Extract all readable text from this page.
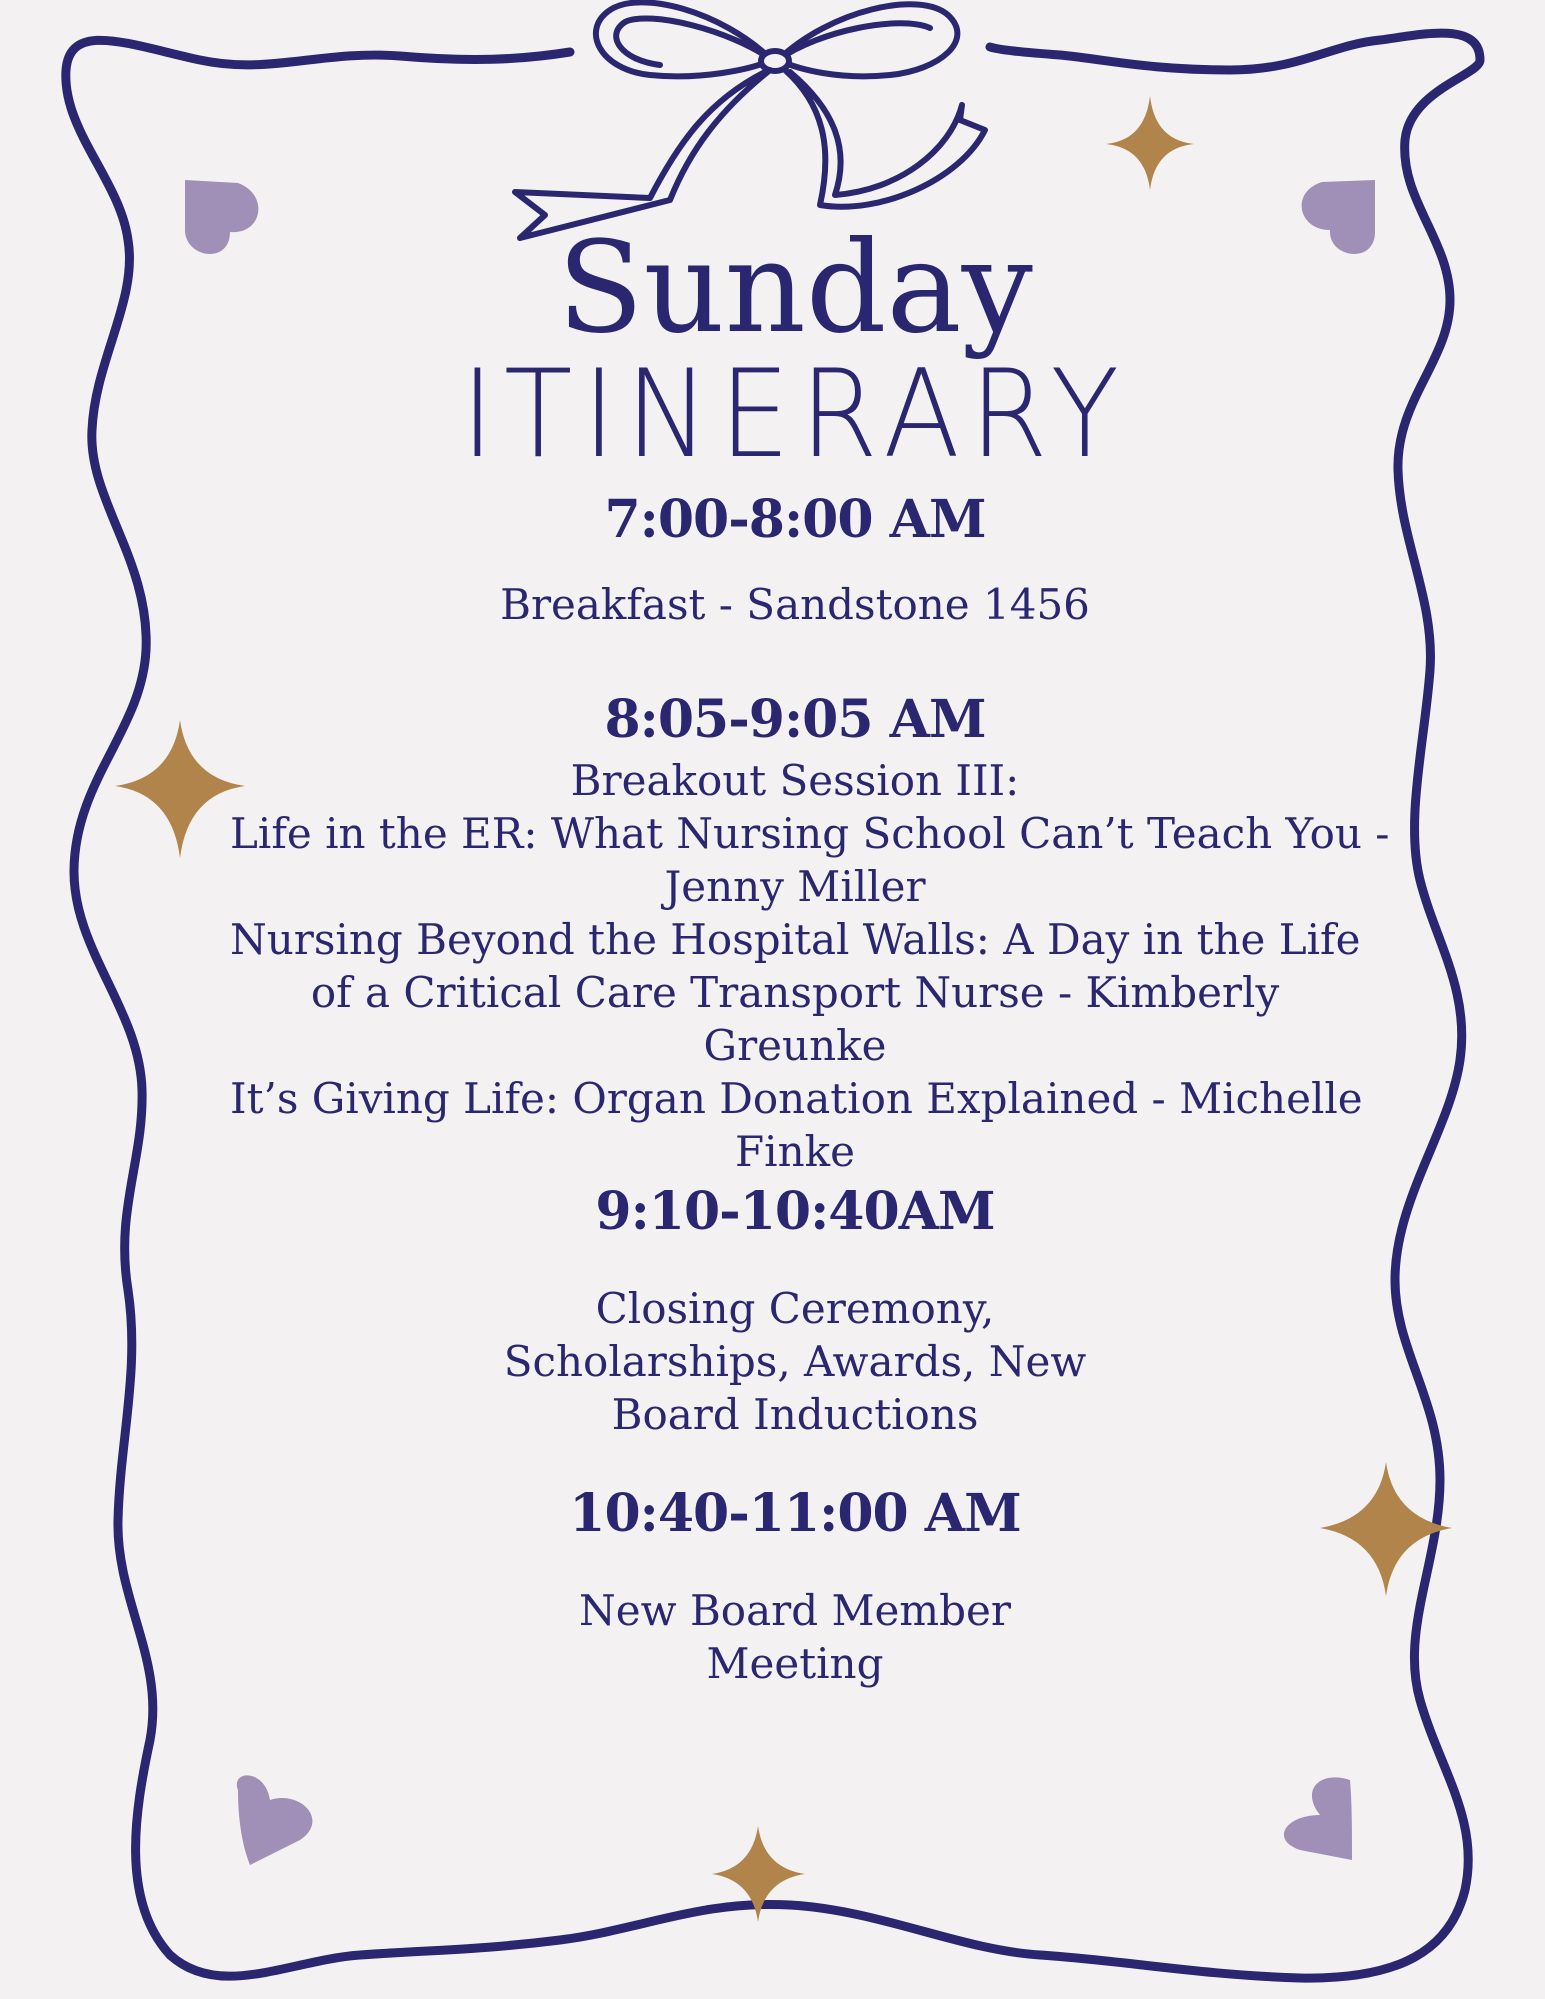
Sunday
ITINERARY
7:00-8:00 AM
Breakfast - Sandstone 1456
8:05-9:05 AM
Breakout Session III:
Life in the ER: What Nursing School Can’t Teach You -
Jenny Miller
Nursing Beyond the Hospital Walls: A Day in the Life
of a Critical Care Transport Nurse - Kimberly
Greunke
It’s Giving Life: Organ Donation Explained - Michelle
Finke
9:10-10:40AM
Closing Ceremony,
Scholarships, Awards, New
Board Inductions
10:40-11:00 AM
New Board Member
Meeting
